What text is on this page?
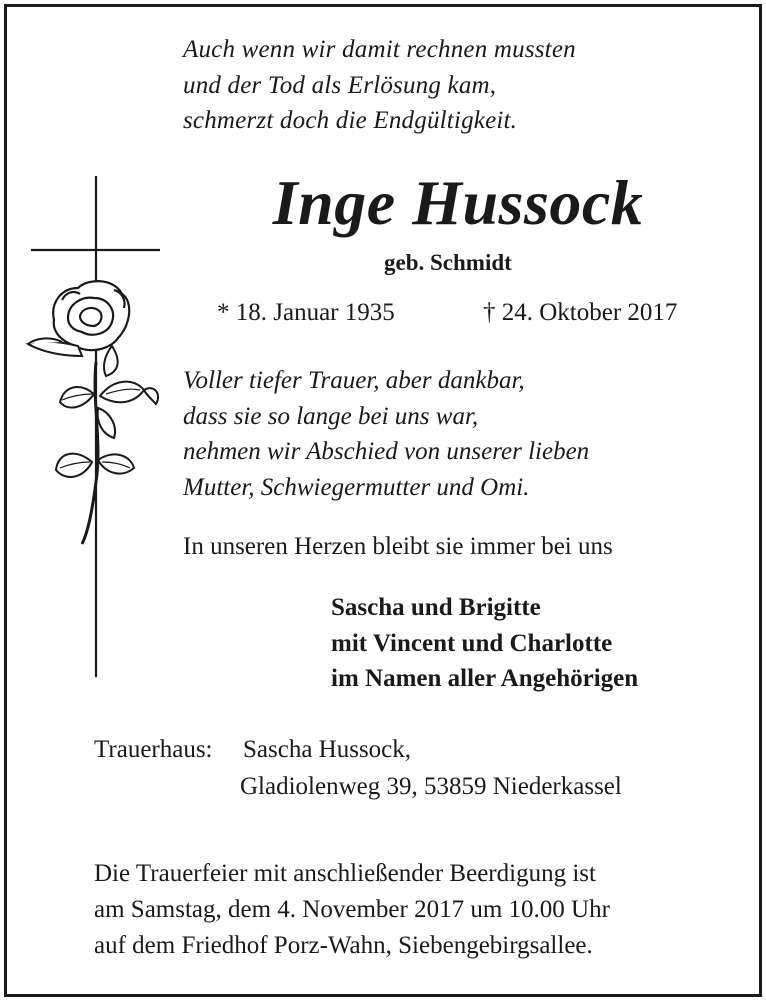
Auch wenn wir damit rechnen mussten
und der Tod als Erlösung kam,
schmerzt doch die Endgültigkeit.
Inge Hussock
geb. Schmidt
* 18. Januar 1935	† 24. Oktober 2017
Voller tiefer Trauer, aber dankbar,
dass sie so lange bei uns war,
nehmen wir Abschied von unserer lieben
Mutter, Schwiegermutter und Omi.
In unseren Herzen bleibt sie immer bei uns
Sascha und Brigitte
mit Vincent und Charlotte
im Namen aller Angehörigen
Trauerhaus: Sascha Hussock,
Gladiolenweg 39, 53859 Niederkassel
Die Trauerfeier mit anschließender Beerdigung ist
am Samstag, dem 4. November 2017 um 10.00 Uhr
auf dem Friedhof Porz-Wahn, Siebengebirgsallee.
